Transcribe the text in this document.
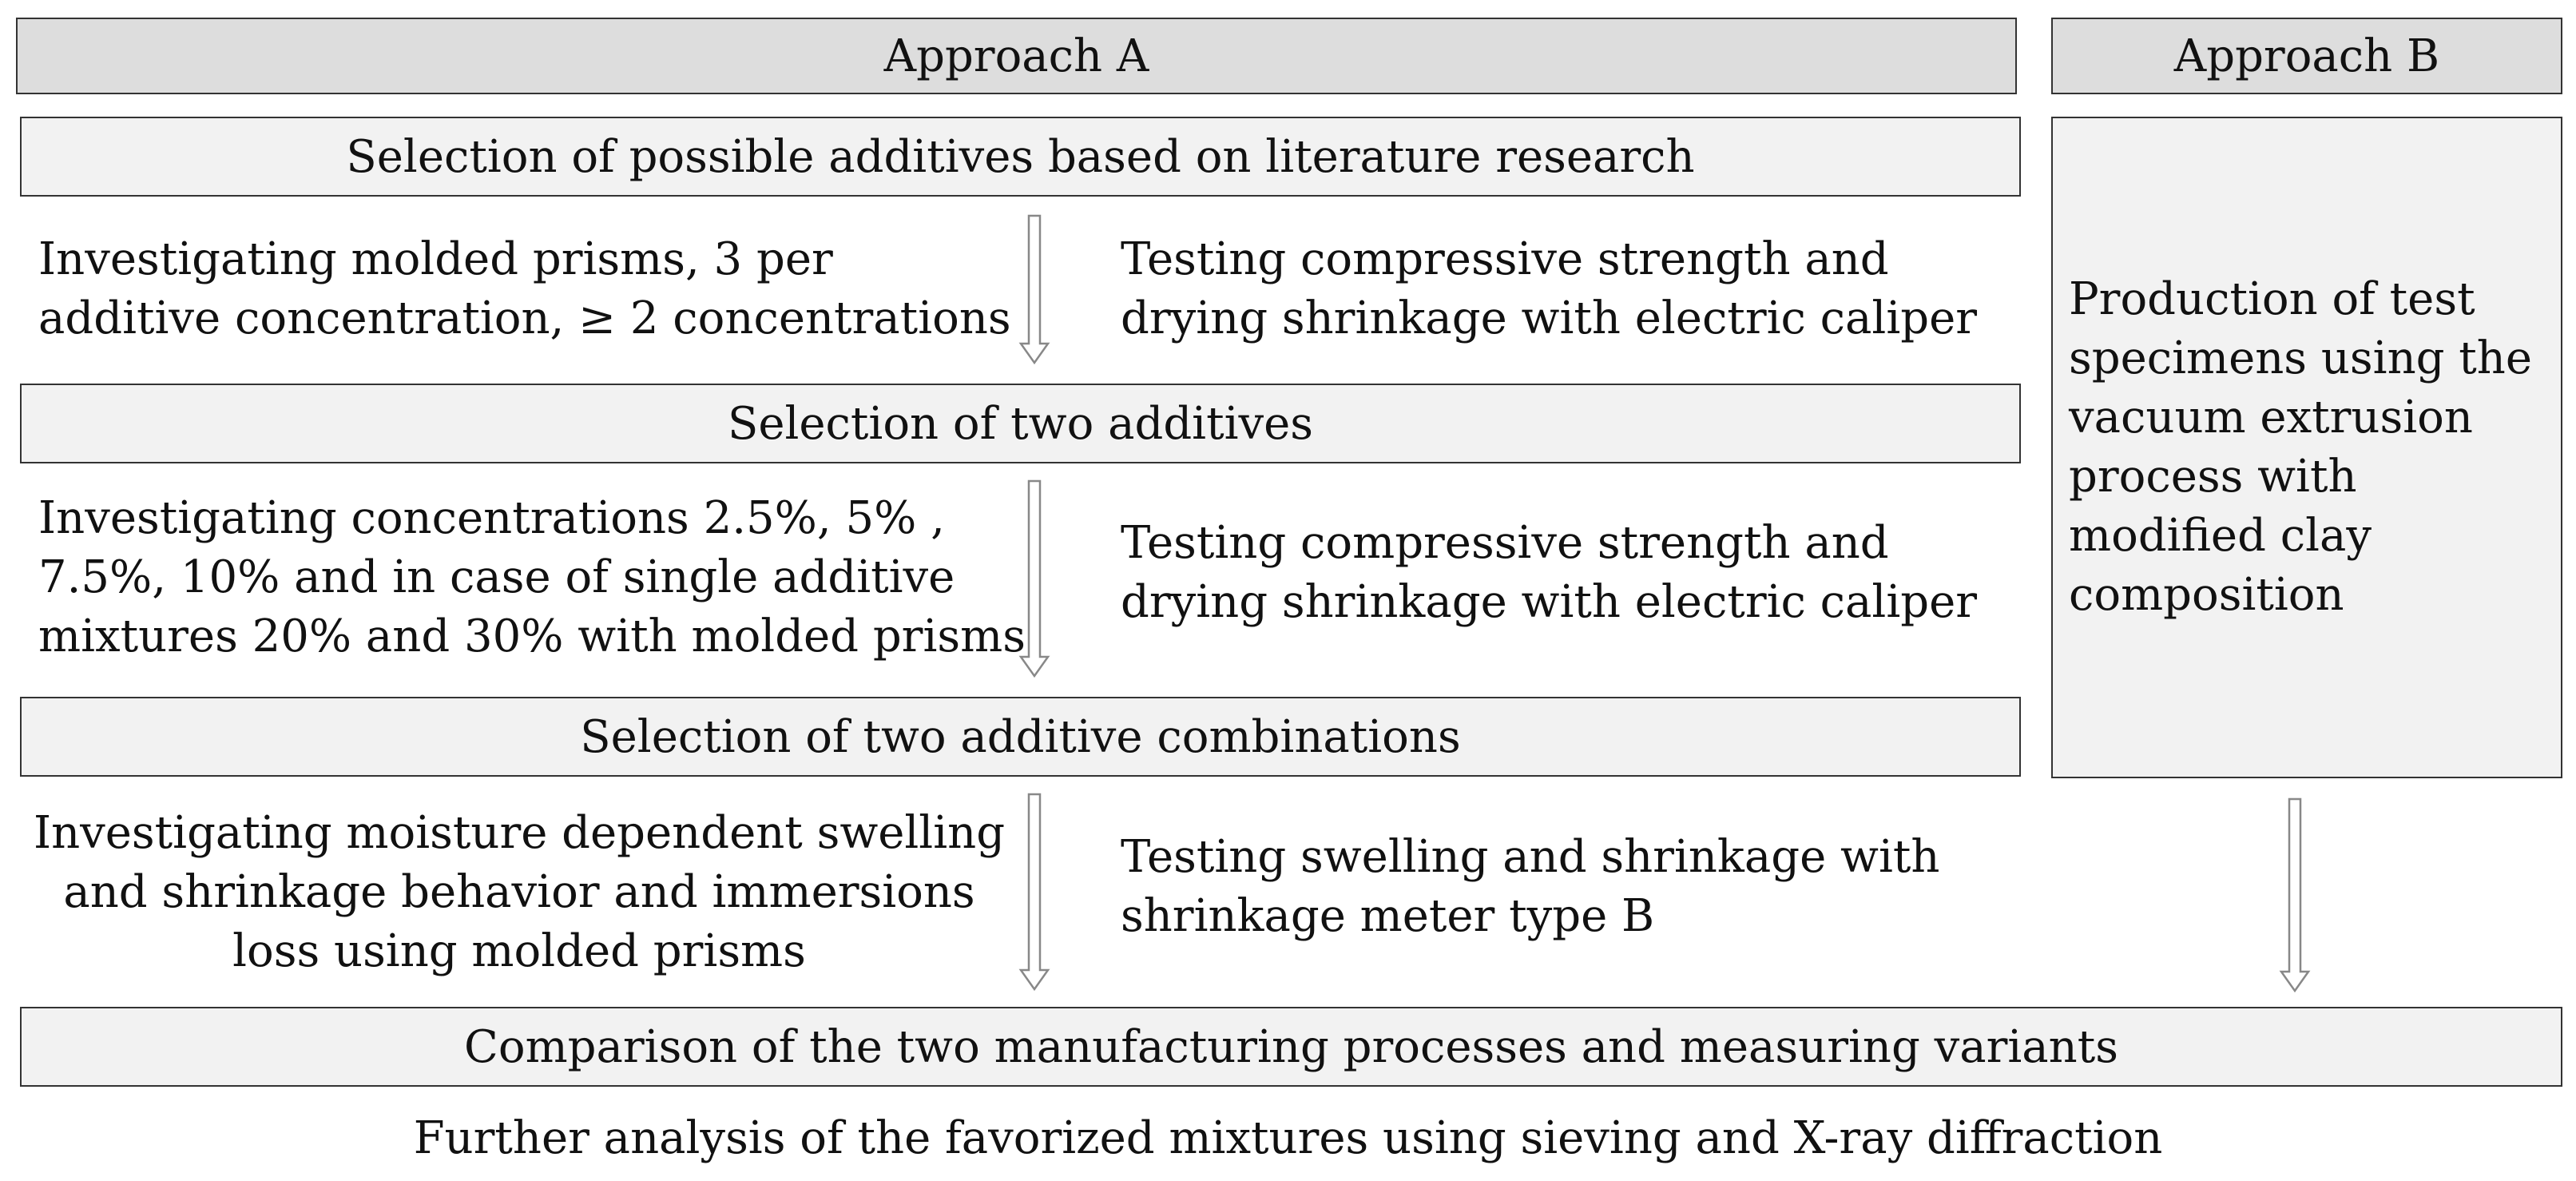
Approach A	Approach B
Production of test specimens using the vacuum extrusion process with modified clay composition
Selection of possible additives based on literature research
Investigating molded prisms, 3 per additive concentration, ≥ 2 concentrations
Testing compressive strength and drying shrinkage with electric caliper
Selection of two additives
Investigating concentrations 2.5%, 5% , 7.5%, 10% and in case of single additive mixtures 20% and 30% with molded prisms
Testing compressive strength and drying shrinkage with electric caliper
Selection of two additive combinations
Investigating moisture dependent swelling and shrinkage behavior and immersions loss using molded prisms
Testing swelling and shrinkage with shrinkage meter type B
Comparison of the two manufacturing processes and measuring variants
Further analysis of the favorized mixtures using sieving and X-ray diffraction
